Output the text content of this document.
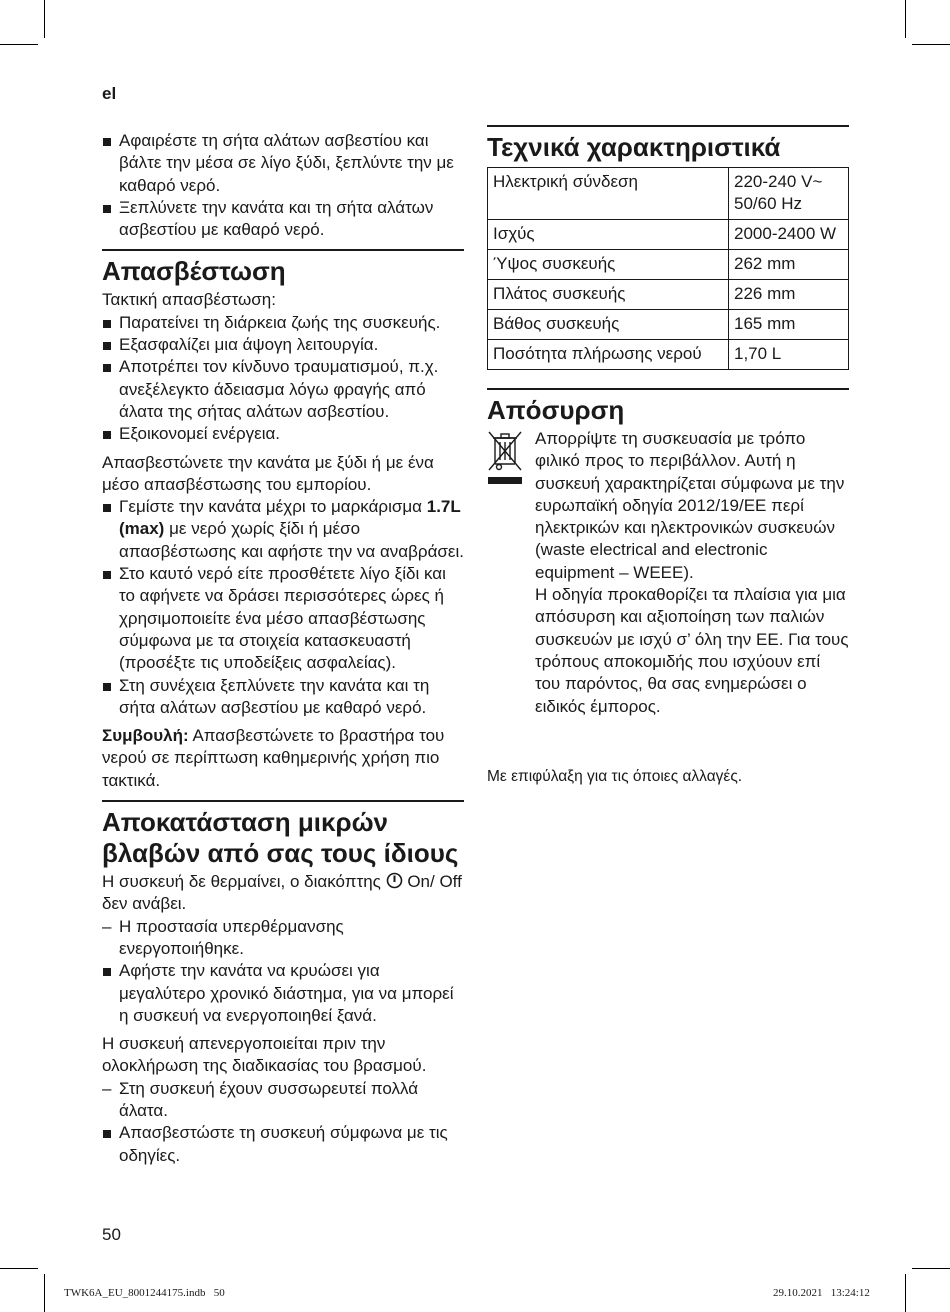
el
Αφαιρέστε τη σήτα αλάτων ασβεστίου και βάλτε την μέσα σε λίγο ξύδι, ξεπλύντε την με καθαρό νερό.
Ξεπλύνετε την κανάτα και τη σήτα αλάτων ασβεστίου με καθαρό νερό.
Απασβέστωση

Τακτική απασβέστωση:

Παρατείνει τη διάρκεια ζωής της συσκευής.
Εξασφαλίζει μια άψογη λειτουργία.
Αποτρέπει τον κίνδυνο τραυματισμού, π.χ. ανεξέλεγκτο άδειασμα λόγω φραγής από άλατα της σήτας αλάτων ασβεστίου.
Εξοικονομεί ενέργεια.

Απασβεστώνετε την κανάτα με ξύδι ή με ένα μέσο απασβέστωσης του εμπορίου.

Γεμίστε την κανάτα μέχρι το μαρκάρισμα 1.7L (max) με νερό χωρίς ξίδι ή μέσο απασβέστωσης και αφήστε την να αναβράσει.
Στο καυτό νερό είτε προσθέτετε λίγο ξίδι και το αφήνετε να δράσει περισσότερες ώρες ή χρησιμοποιείτε ένα μέσο απασβέστωσης σύμφωνα με τα στοιχεία κατασκευαστή (προσέξτε τις υποδείξεις ασφαλείας).
Στη συνέχεια ξεπλύνετε την κανάτα και τη σήτα αλάτων ασβεστίου με καθαρό νερό.

Συμβουλή: Απασβεστώνετε το βραστήρα του νερού σε περίπτωση καθημερινής χρήση πιο τακτικά.

Αποκατάσταση μικρών βλαβών από σας τους ίδιους

Η συσκευή δε θερμαίνει, ο διακόπτης On/ Off δεν ανάβει.

– Η προστασία υπερθέρμανσης ενεργοποιήθηκε.
Αφήστε την κανάτα να κρυώσει για μεγαλύτερο χρονικό διάστημα, για να μπορεί η συσκευή να ενεργοποιηθεί ξανά.

Η συσκευή απενεργοποιείται πριν την ολοκλήρωση της διαδικασίας του βρασμού.

– Στη συσκευή έχουν συσσωρευτεί πολλά άλατα.
Απασβεστώστε τη συσκευή σύμφωνα με τις οδηγίες.
Τεχνικά χαρακτηριστικά
Ηλεκτρική σύνδεση	220-240 V~ 50/60 Hz
Ισχύς	2000-2400 W
Ύψος συσκευής	262 mm
Πλάτος συσκευής	226 mm
Βάθος συσκευής	165 mm
Ποσότητα πλήρωσης νερού	1,70 L
Απόσυρση

Απορρίψτε τη συσκευασία με τρόπο φιλικό προς το περιβάλλον. Αυτή η συσκευή χαρακτηρίζεται σύμφωνα με την ευρωπαϊκή οδηγία 2012/19/EE περί ηλεκτρικών και ηλεκτρονικών συσκευών (waste electrical and electronic equipment – WEEE).

Η οδηγία προκαθορίζει τα πλαίσια για μια απόσυρση και αξιοποίηση των παλιών συσκευών με ισχύ σ’ όλη την ΕΕ. Για τους τρόπους αποκομιδής που ισχύουν επί του παρόντος, θα σας ενημερώσει ο ειδικός έμπορος.

Με επιφύλαξη για τις όποιες αλλαγές.
50
TWK6A_EU_8001244175.indb   50	29.10.2021   13:24:12
